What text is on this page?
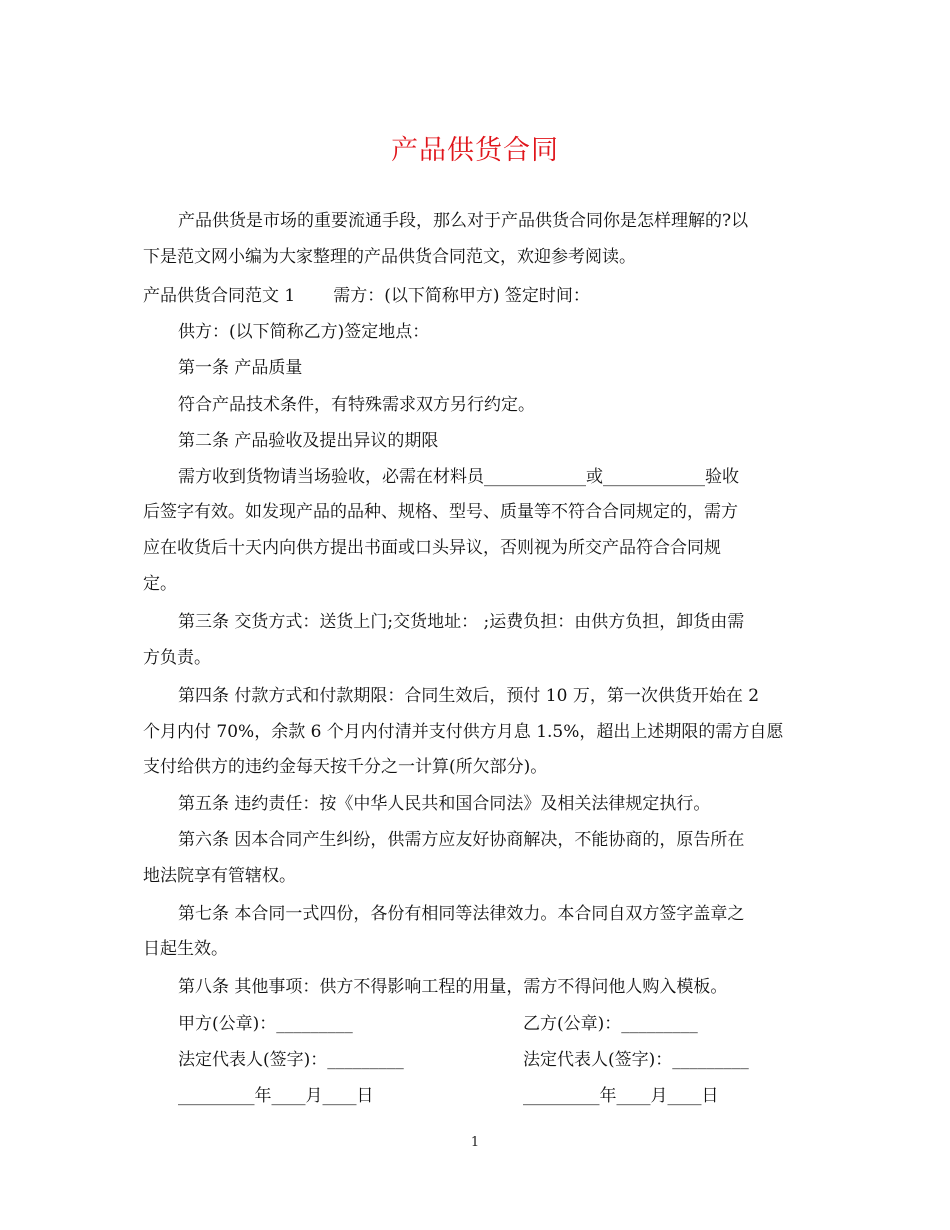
产品供货合同
产品供货是市场的重要流通手段，那么对于产品供货合同你是怎样理解的?以
下是范文网小编为大家整理的产品供货合同范文，欢迎参考阅读。
产品供货合同范文 1 需方：(以下简称甲方) 签定时间：
供方：(以下简称乙方)签定地点：
第一条 产品质量
符合产品技术条件，有特殊需求双方另行约定。
第二条 产品验收及提出异议的期限
需方收到货物请当场验收，必需在材料员____________或____________验收
后签字有效。如发现产品的品种、规格、型号、质量等不符合合同规定的，需方
应在收货后十天内向供方提出书面或口头异议，否则视为所交产品符合合同规
定。
第三条 交货方式：送货上门;交货地址： ;运费负担：由供方负担，卸货由需
方负责。
第四条 付款方式和付款期限：合同生效后，预付 10 万，第一次供货开始在 2
个月内付 70%，余款 6 个月内付清并支付供方月息 1.5%，超出上述期限的需方自愿
支付给供方的违约金每天按千分之一计算(所欠部分)。
第五条 违约责任：按《中华人民共和国合同法》及相关法律规定执行。
第六条 因本合同产生纠纷，供需方应友好协商解决，不能协商的，原告所在
地法院享有管辖权。
第七条 本合同一式四份，各份有相同等法律效力。本合同自双方签字盖章之
日起生效。
第八条 其他事项：供方不得影响工程的用量，需方不得问他人购入模板。
甲方(公章)：_________
法定代表人(签字)：_________
_________年____月____日
乙方(公章)：_________
法定代表人(签字)：_________
_________年____月____日
1
